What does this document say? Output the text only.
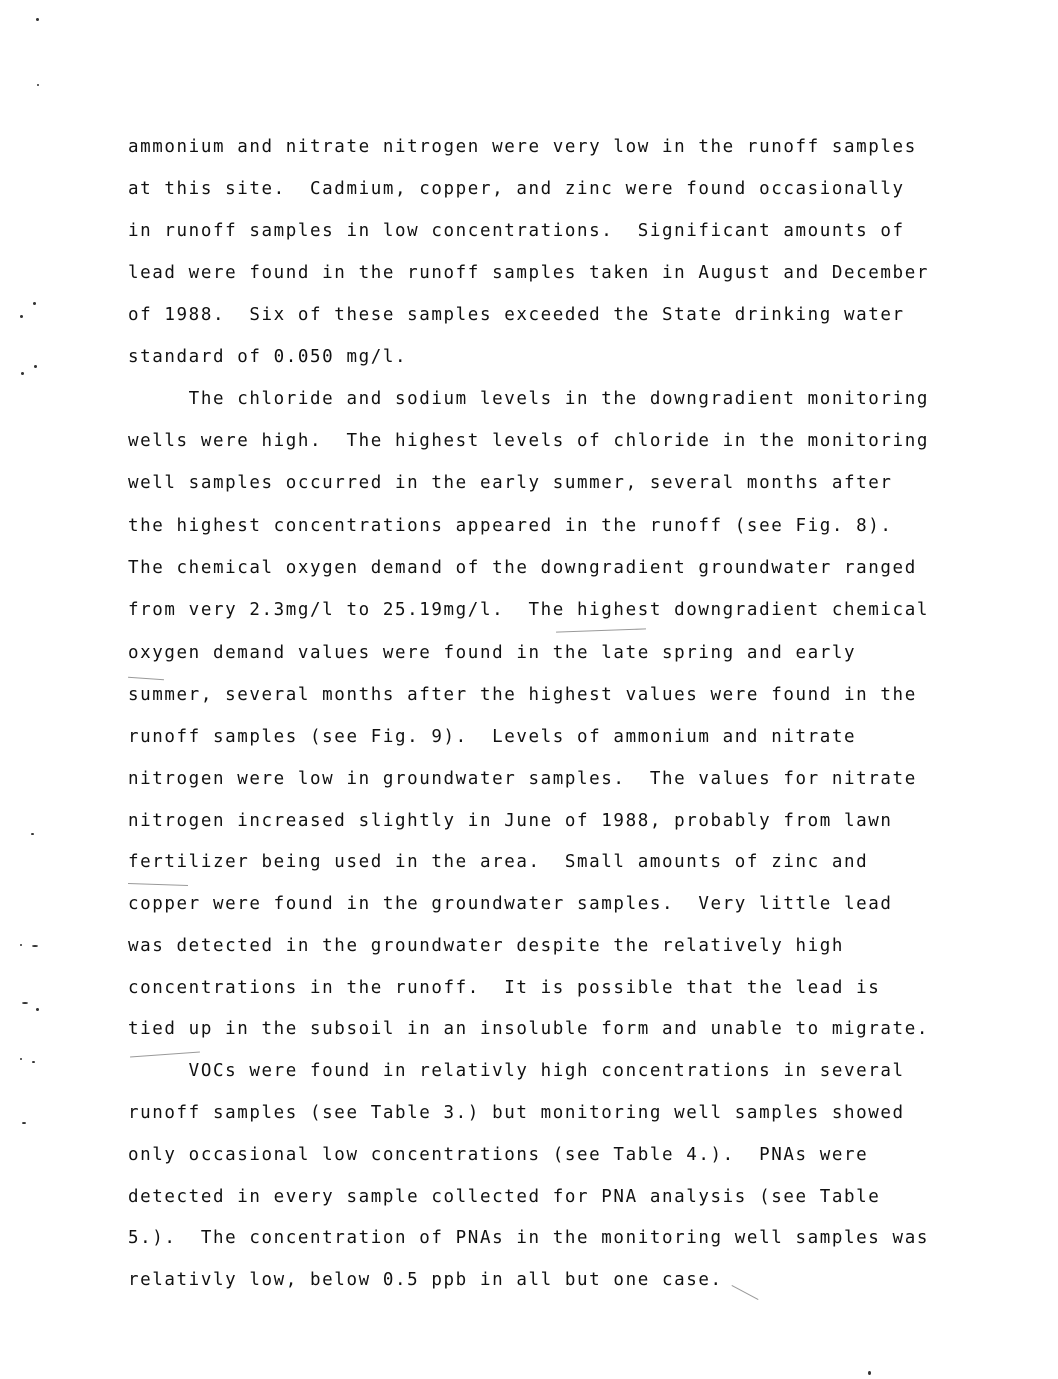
ammonium and nitrate nitrogen were very low in the runoff samples
at this site.  Cadmium, copper, and zinc were found occasionally
in runoff samples in low concentrations.  Significant amounts of
lead were found in the runoff samples taken in August and December
of 1988.  Six of these samples exceeded the State drinking water
standard of 0.050 mg/l.
The chloride and sodium levels in the downgradient monitoring
wells were high.  The highest levels of chloride in the monitoring
well samples occurred in the early summer, several months after
the highest concentrations appeared in the runoff (see Fig. 8).
The chemical oxygen demand of the downgradient groundwater ranged
from very 2.3mg/l to 25.19mg/l.  The highest downgradient chemical
oxygen demand values were found in the late spring and early
summer, several months after the highest values were found in the
runoff samples (see Fig. 9).  Levels of ammonium and nitrate
nitrogen were low in groundwater samples.  The values for nitrate
nitrogen increased slightly in June of 1988, probably from lawn
fertilizer being used in the area.  Small amounts of zinc and
copper were found in the groundwater samples.  Very little lead
was detected in the groundwater despite the relatively high
concentrations in the runoff.  It is possible that the lead is
tied up in the subsoil in an insoluble form and unable to migrate.
VOCs were found in relativly high concentrations in several
runoff samples (see Table 3.) but monitoring well samples showed
only occasional low concentrations (see Table 4.).  PNAs were
detected in every sample collected for PNA analysis (see Table
5.).  The concentration of PNAs in the monitoring well samples was
relativly low, below 0.5 ppb in all but one case.
